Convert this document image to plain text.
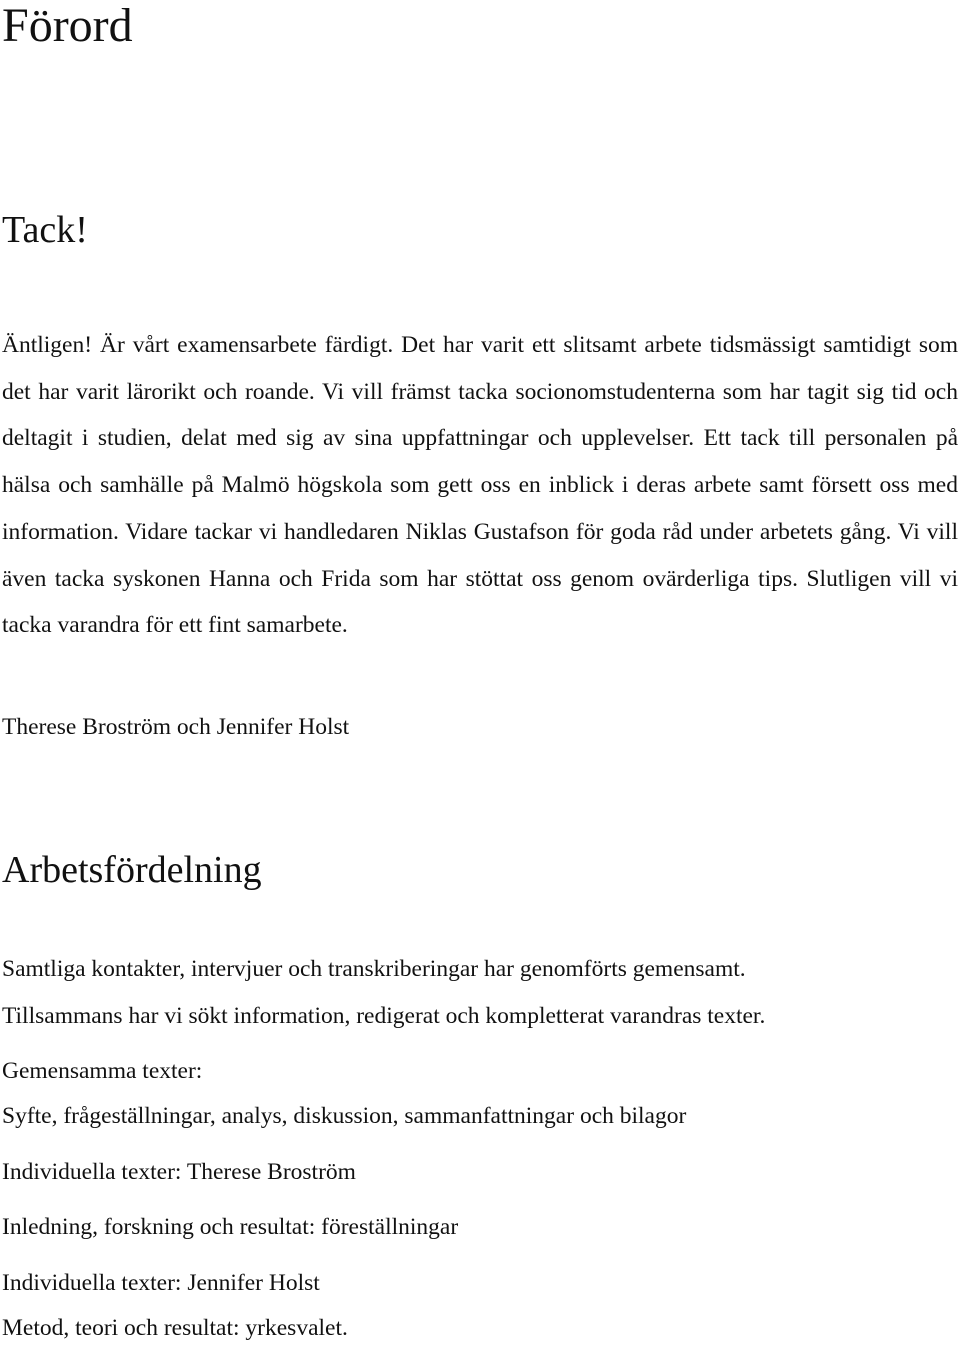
Förord
Tack!

Äntligen! Är vårt examensarbete färdigt. Det har varit ett slitsamt arbete tidsmässigt samtidigt som det har varit lärorikt och roande. Vi vill främst tacka socionomstudenterna som har tagit sig tid och deltagit i studien, delat med sig av sina uppfattningar och upplevelser. Ett tack till personalen på hälsa och samhälle på Malmö högskola som gett oss en inblick i deras arbete samt försett oss med information. Vidare tackar vi handledaren Niklas Gustafson för goda råd under arbetets gång. Vi vill även tacka syskonen Hanna och Frida som har stöttat oss genom ovärderliga tips. Slutligen vill vi tacka varandra för ett fint samarbete.

Therese Broström och Jennifer Holst

Arbetsfördelning

Samtliga kontakter, intervjuer och transkriberingar har genomförts gemensamt.

Tillsammans har vi sökt information, redigerat och kompletterat varandras texter.

Gemensamma texter:

Syfte, frågeställningar, analys, diskussion, sammanfattningar och bilagor

Individuella texter: Therese Broström

Inledning, forskning och resultat: föreställningar

Individuella texter: Jennifer Holst

Metod, teori och resultat: yrkesvalet.
